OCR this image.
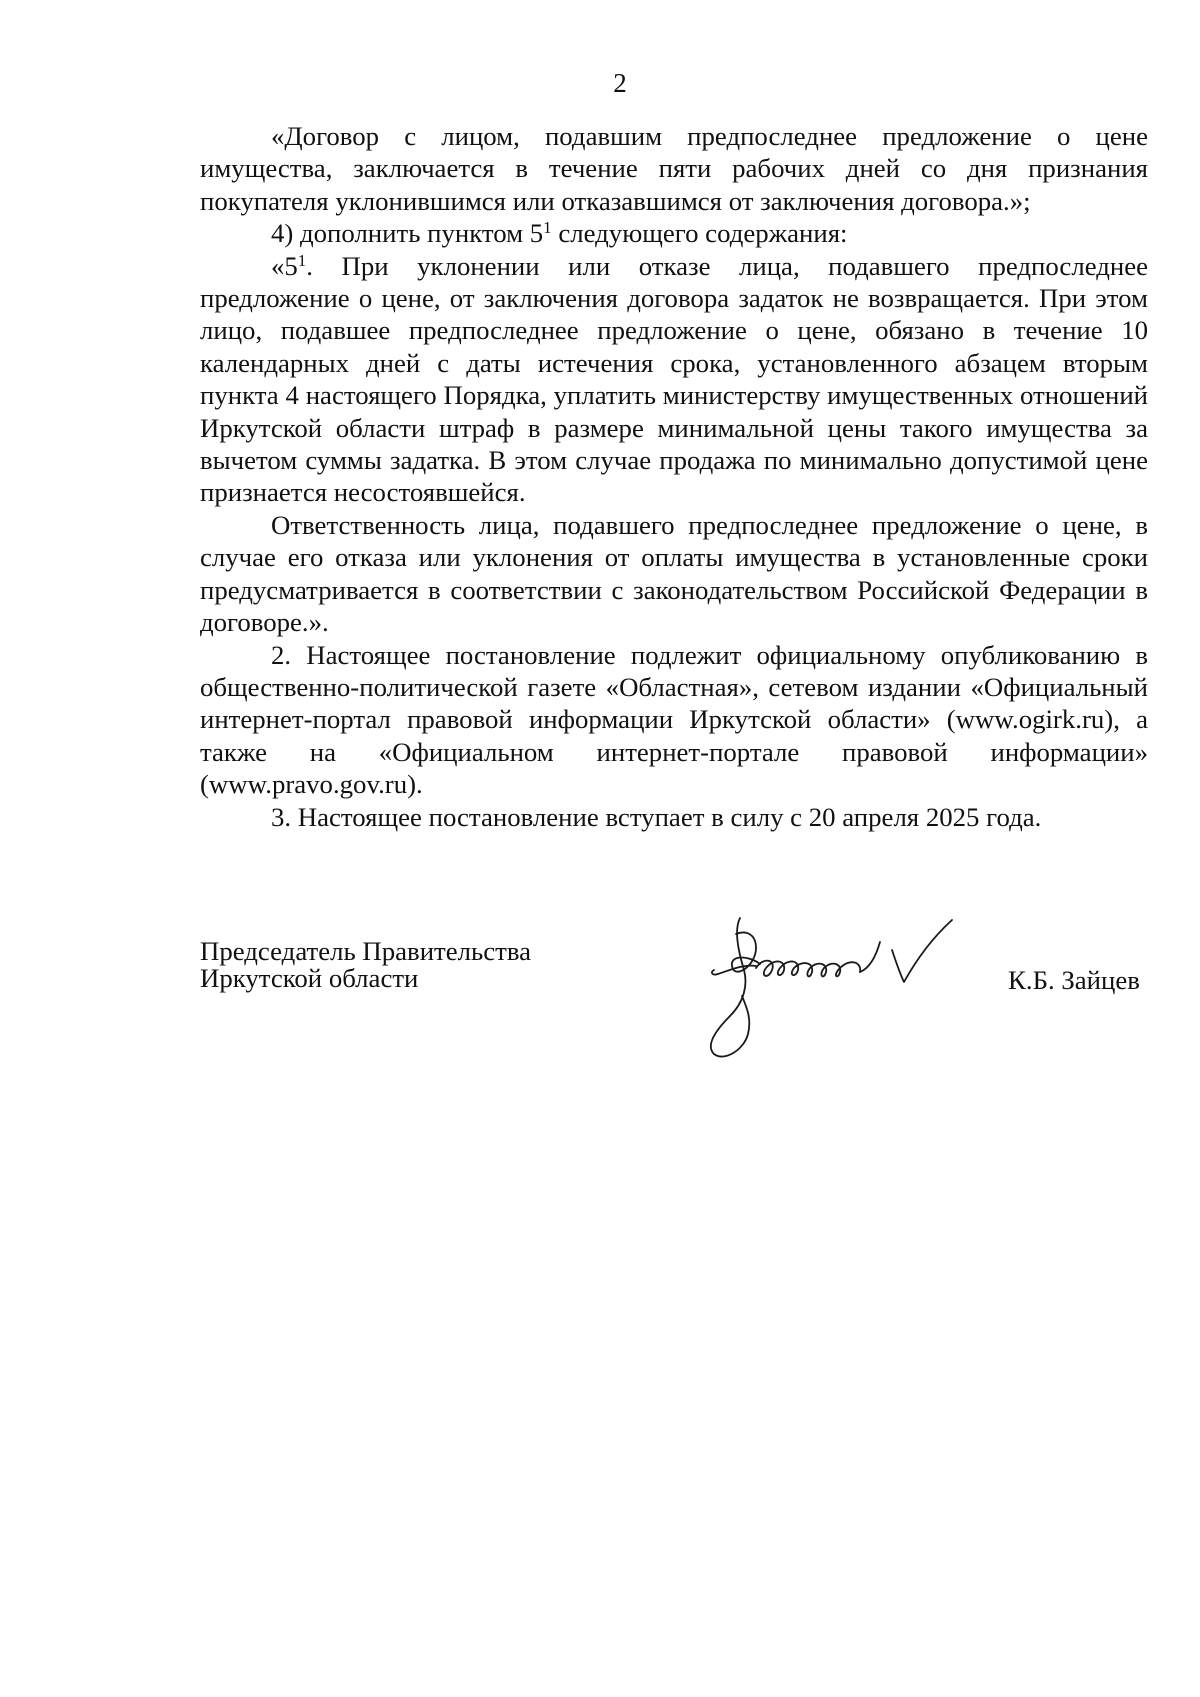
2

«Договор с лицом, подавшим предпоследнее предложение о цене имущества, заключается в течение пяти рабочих дней со дня признания покупателя уклонившимся или отказавшимся от заключения договора.»;

4) дополнить пунктом $5^1$ следующего содержания:

«$5^1$. При уклонении или отказе лица, подавшего предпоследнее предложение о цене, от заключения договора задаток не возвращается. При этом лицо, подавшее предпоследнее предложение о цене, обязано в течение 10 календарных дней с даты истечения срока, установленного абзацем вторым пункта 4 настоящего Порядка, уплатить министерству имущественных отношений Иркутской области штраф в размере минимальной цены такого имущества за вычетом суммы задатка. В этом случае продажа по минимально допустимой цене признается несостоявшейся.

Ответственность лица, подавшего предпоследнее предложение о цене, в случае его отказа или уклонения от оплаты имущества в установленные сроки предусматривается в соответствии с законодательством Российской Федерации в договоре.».

2. Настоящее постановление подлежит официальному опубликованию в общественно-политической газете «Областная», сетевом издании «Официальный интернет-портал правовой информации Иркутской области» (www.ogirk.ru), а также на «Официальном интернет-портале правовой информации» (www.pravo.gov.ru).

3. Настоящее постановление вступает в силу с 20 апреля 2025 года.

Председатель Правительства
Иркутской области	К.Б. Зайцев
